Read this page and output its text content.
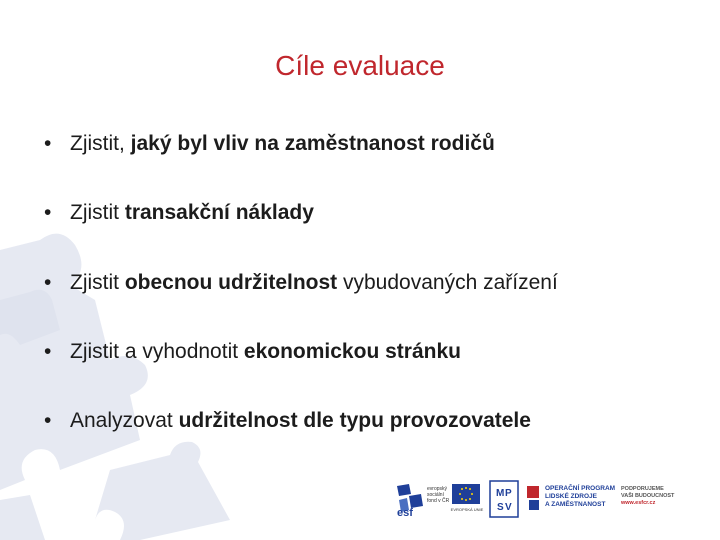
Cíle evaluace
• Zjistit, jaký byl vliv na zaměstnanost rodičů
• Zjistit transakční náklady
• Zjistit obecnou udržitelnost vybudovaných zařízení
• Zjistit a vyhodnotit ekonomickou stránku
• Analyzovat udržitelnost dle typu provozovatele
esf
evropský
sociální
fond v ČR
EVROPSKÁ UNIE
M P
S V
OPERAČNÍ PROGRAM
LIDSKÉ ZDROJE
A ZAMĚSTNANOST
PODPORUJEME
VAŠI BUDOUCNOST
www.esfcr.cz
